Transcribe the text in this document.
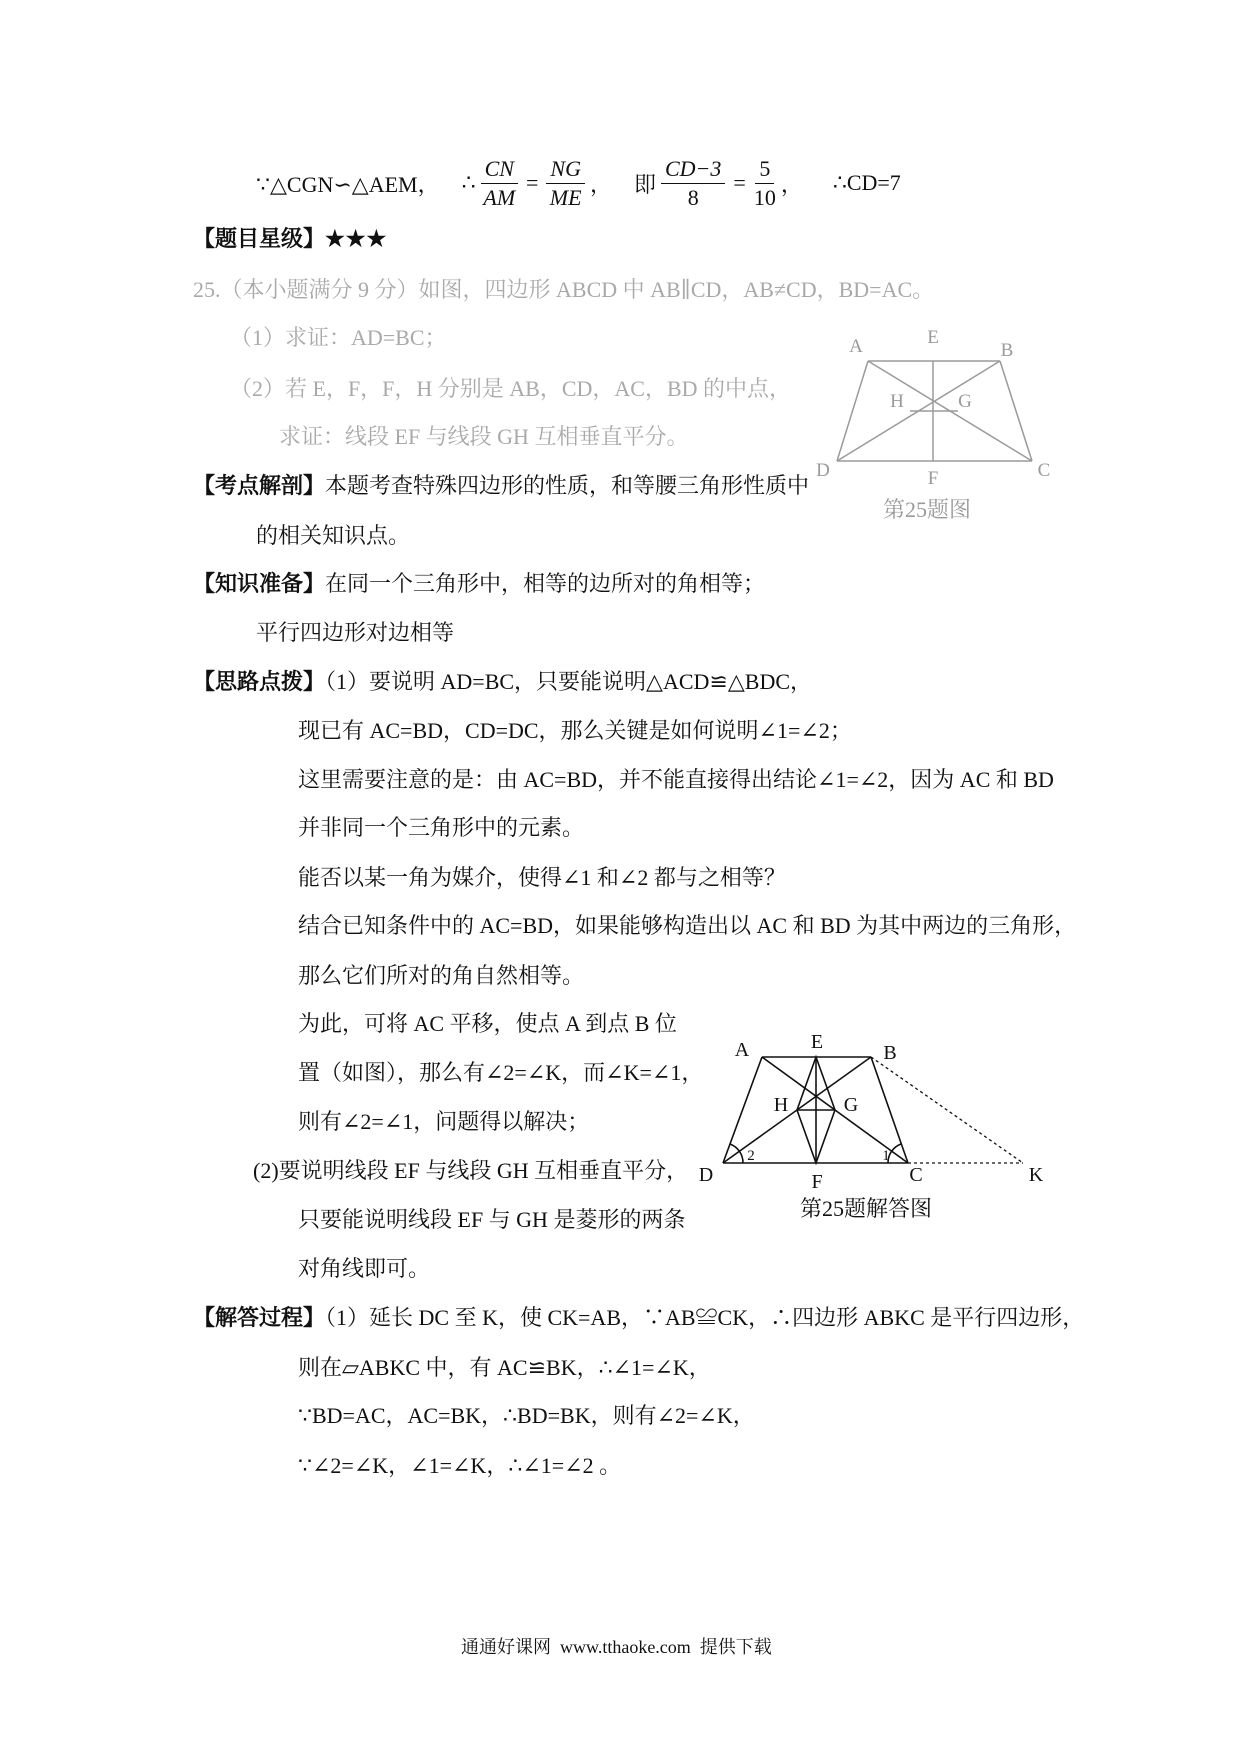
∵△CGN∽△AEM， ∴ $\frac{CN}{AM} = \frac{NG}{ME}$ ， 即 $\frac{CD-3}{8} = \frac{5}{10}$ ， ∴CD=7
【题目星级】★★★
25.（本小题满分 9 分）如图，四边形 ABCD 中 AB∥CD，AB≠CD，BD=AC。
（1）求证：AD=BC；
（2）若 E，F，F，H 分别是 AB，CD，AC，BD 的中点，
求证：线段 EF 与线段 GH 互相垂直平分。
A	E
B
H	G
D	F	C
第25题图
【考点解剖】本题考查特殊四边形的性质，和等腰三角形性质中
的相关知识点。
【知识准备】在同一个三角形中，相等的边所对的角相等；
平行四边形对边相等
【思路点拨】（1）要说明 AD=BC，只要能说明△ACD≌△BDC，
现已有 AC=BD，CD=DC，那么关键是如何说明∠1=∠2；
这里需要注意的是：由 AC=BD，并不能直接得出结论∠1=∠2，因为 AC 和 BD
并非同一个三角形中的元素。
能否以某一角为媒介，使得∠1 和∠2 都与之相等？
结合已知条件中的 AC=BD，如果能够构造出以 AC 和 BD 为其中两边的三角形，
那么它们所对的角自然相等。
为此，可将 AC 平移，使点 A 到点 B 位
置（如图），那么有∠2=∠K，而∠K=∠1，
则有∠2=∠1，问题得以解决；
(2)要说明线段 EF 与线段 GH 互相垂直平分，
只要能说明线段 EF 与 GH 是菱形的两条
对角线即可。
A	E	B
H	G
D	F	C	K
2	1
第25题解答图
【解答过程】（1）延长 DC 至 K，使 CK=AB，∵AB≌CK，∴四边形 ABKC 是平行四边形，
则在▱ABKC 中，有 AC≌BK，∴∠1=∠K，
∵BD=AC，AC=BK，∴BD=BK，则有∠2=∠K，
∵∠2=∠K，∠1=∠K，∴∠1=∠2 。
通通好课网  www.tthaoke.com  提供下载
